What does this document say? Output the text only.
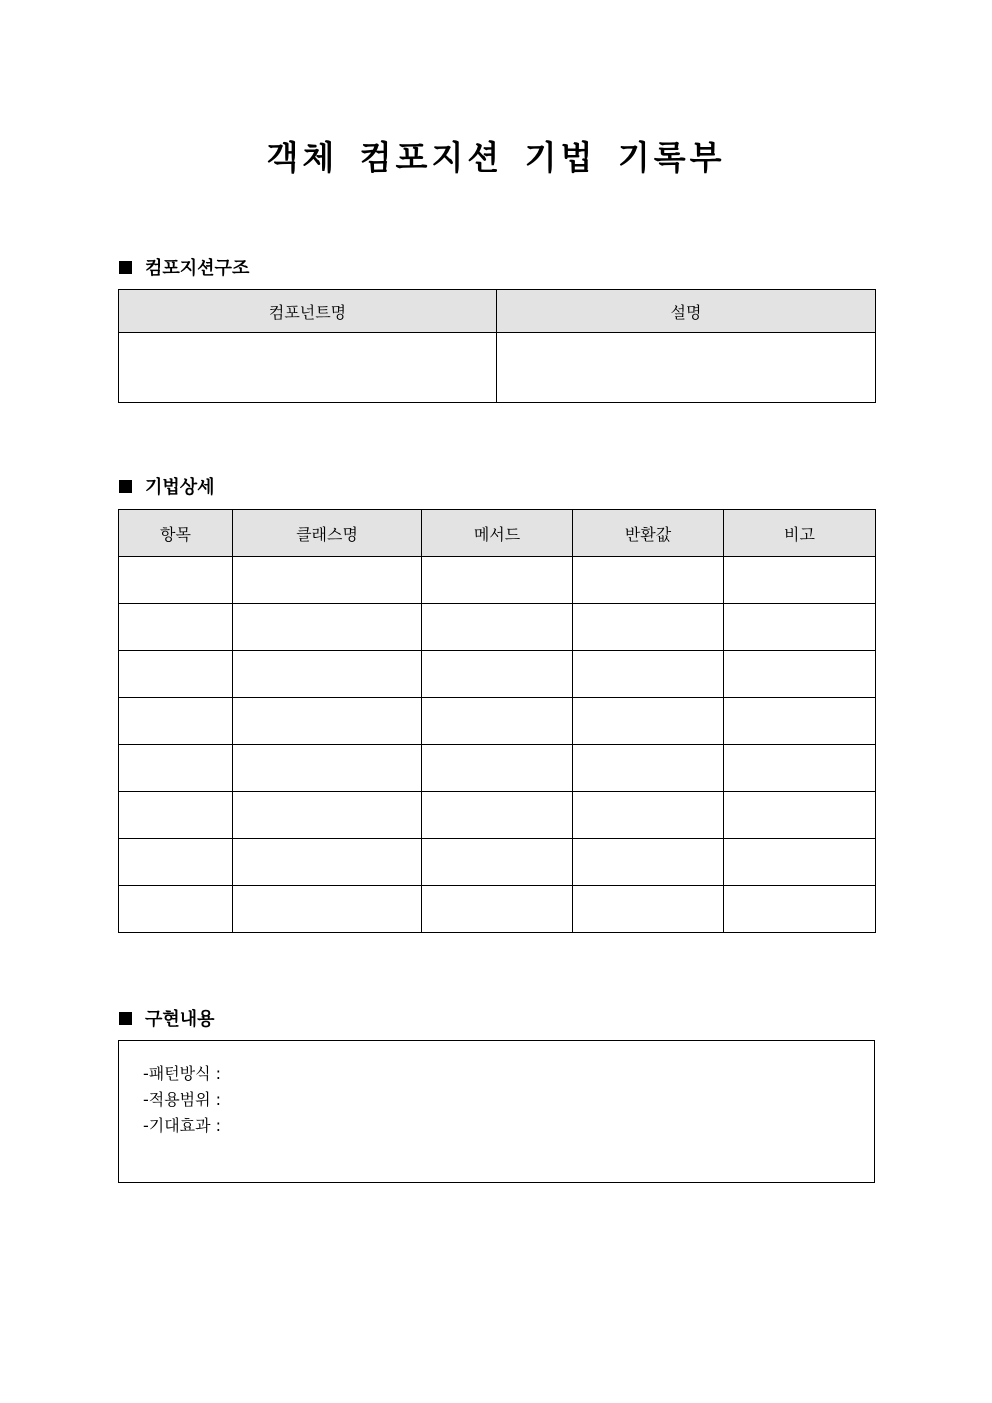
객체 컴포지션 기법 기록부
컴포지션구조
컴포넌트명	설명

기법상세
항목	클래스명	메서드	반환값	비고

구현내용
-패턴방식 :
-적용범위 :
-기대효과 :
